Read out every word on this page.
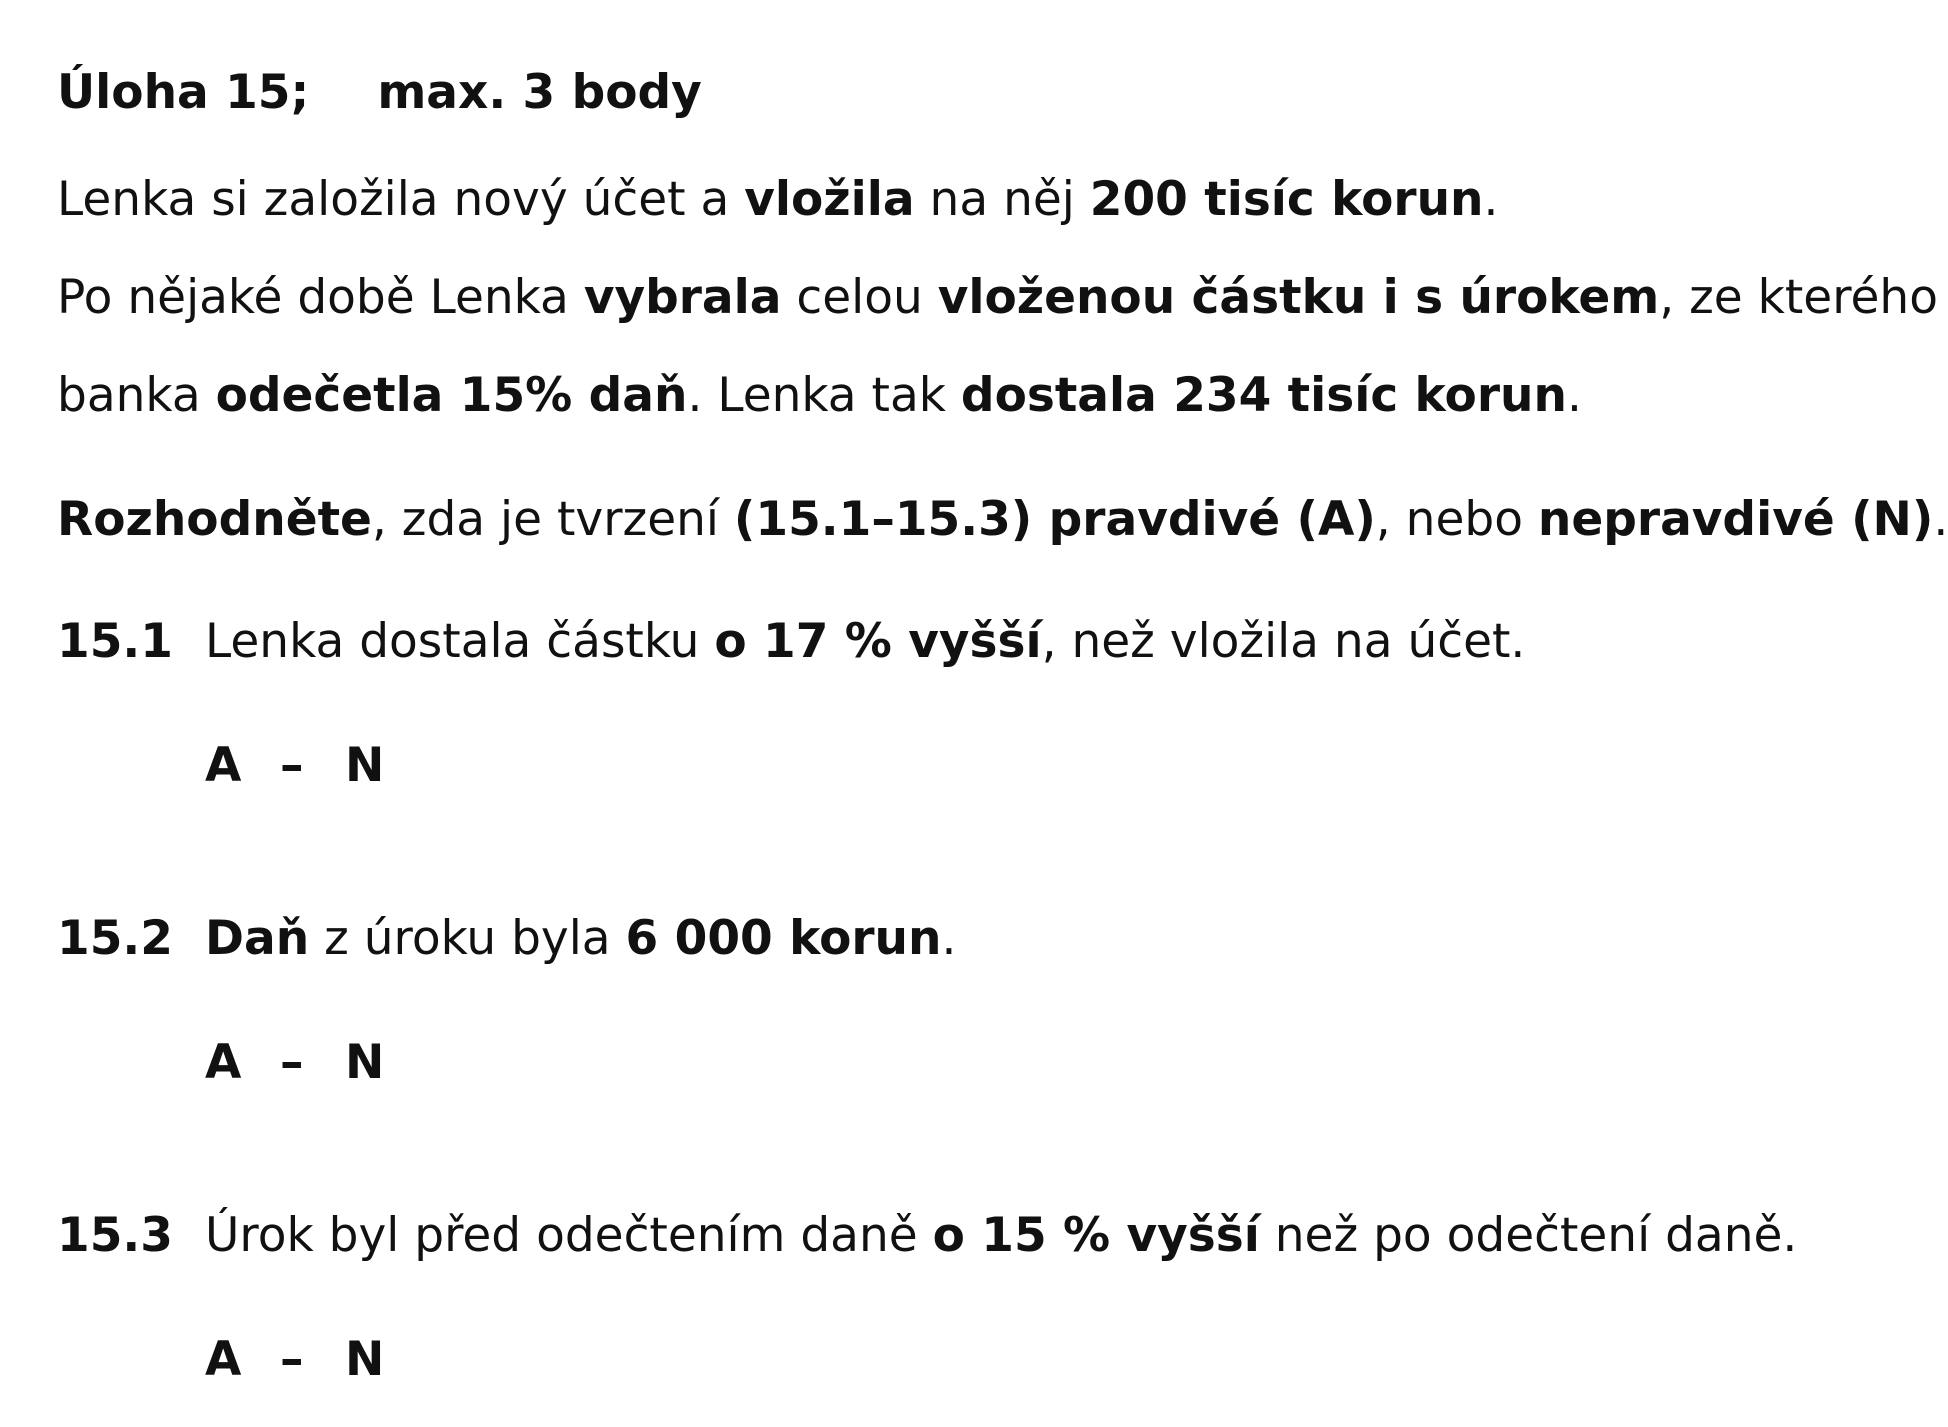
Úloha 15; max. 3 body
Lenka si založila nový účet a vložila na něj 200 tisíc korun.
Po nějaké době Lenka vybrala celou vloženou částku i s úrokem, ze kterého
banka odečetla 15% daň. Lenka tak dostala 234 tisíc korun.
Rozhodněte, zda je tvrzení (15.1–15.3) pravdivé (A), nebo nepravdivé (N).
15.1 Lenka dostala částku o 17 % vyšší, než vložila na účet.
A – N
15.2 Daň z úroku byla 6 000 korun.
A – N
15.3 Úrok byl před odečtením daně o 15 % vyšší než po odečtení daně.
A – N
